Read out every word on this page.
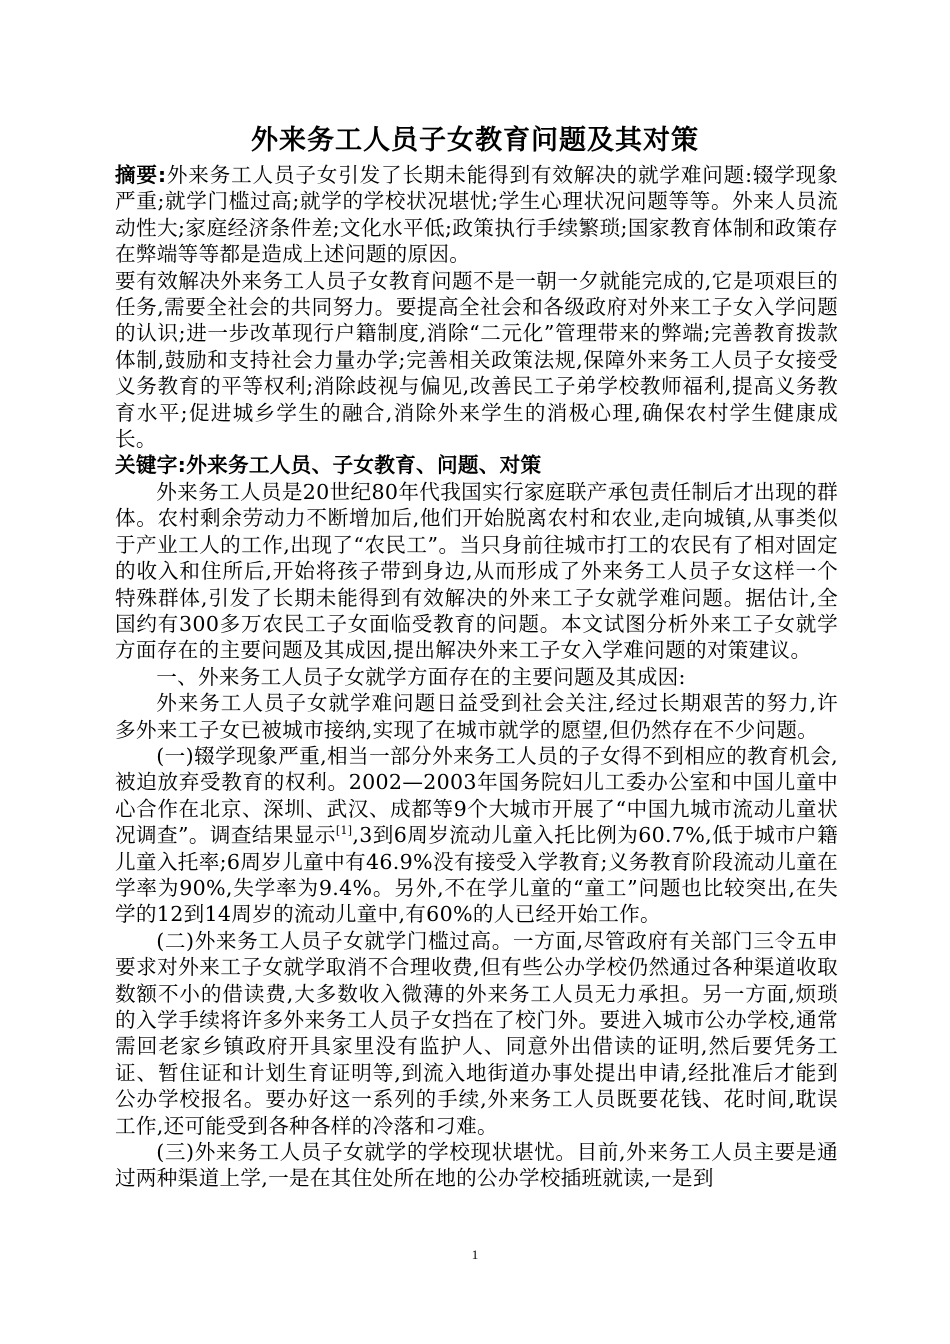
外来务工人员子女教育问题及其对策

摘要:外来务工人员子女引发了长期未能得到有效解决的就学难问题:辍学现象严重;就学门槛过高;就学的学校状况堪忧;学生心理状况问题等等。外来人员流动性大;家庭经济条件差;文化水平低;政策执行手续繁琐;国家教育体制和政策存在弊端等等都是造成上述问题的原因。

要有效解决外来务工人员子女教育问题不是一朝一夕就能完成的,它是项艰巨的任务,需要全社会的共同努力。要提高全社会和各级政府对外来工子女入学问题的认识;进一步改革现行户籍制度,消除“二元化”管理带来的弊端;完善教育拨款体制,鼓励和支持社会力量办学;完善相关政策法规,保障外来务工人员子女接受义务教育的平等权利;消除歧视与偏见,改善民工子弟学校教师福利,提高义务教育水平;促进城乡学生的融合,消除外来学生的消极心理,确保农村学生健康成长。

关键字:外来务工人员、子女教育、问题、对策

外来务工人员是20世纪80年代我国实行家庭联产承包责任制后才出现的群体。农村剩余劳动力不断增加后,他们开始脱离农村和农业,走向城镇,从事类似于产业工人的工作,出现了“农民工”。当只身前往城市打工的农民有了相对固定的收入和住所后,开始将孩子带到身边,从而形成了外来务工人员子女这样一个特殊群体,引发了长期未能得到有效解决的外来工子女就学难问题。据估计,全国约有300多万农民工子女面临受教育的问题。本文试图分析外来工子女就学方面存在的主要问题及其成因,提出解决外来工子女入学难问题的对策建议。

一、外来务工人员子女就学方面存在的主要问题及其成因:

外来务工人员子女就学难问题日益受到社会关注,经过长期艰苦的努力,许多外来工子女已被城市接纳,实现了在城市就学的愿望,但仍然存在不少问题。

(一)辍学现象严重,相当一部分外来务工人员的子女得不到相应的教育机会,被迫放弃受教育的权利。2002—2003年国务院妇儿工委办公室和中国儿童中心合作在北京、深圳、武汉、成都等9个大城市开展了“中国九城市流动儿童状况调查”。调查结果显示[1],3到6周岁流动儿童入托比例为60.7%,低于城市户籍儿童入托率;6周岁儿童中有46.9%没有接受入学教育;义务教育阶段流动儿童在学率为90%,失学率为9.4%。另外,不在学儿童的“童工”问题也比较突出,在失学的12到14周岁的流动儿童中,有60%的人已经开始工作。

(二)外来务工人员子女就学门槛过高。一方面,尽管政府有关部门三令五申要求对外来工子女就学取消不合理收费,但有些公办学校仍然通过各种渠道收取数额不小的借读费,大多数收入微薄的外来务工人员无力承担。另一方面,烦琐的入学手续将许多外来务工人员子女挡在了校门外。要进入城市公办学校,通常需回老家乡镇政府开具家里没有监护人、同意外出借读的证明,然后要凭务工证、暂住证和计划生育证明等,到流入地街道办事处提出申请,经批准后才能到公办学校报名。要办好这一系列的手续,外来务工人员既要花钱、花时间,耽误工作,还可能受到各种各样的冷落和刁难。

(三)外来务工人员子女就学的学校现状堪忧。目前,外来务工人员主要是通过两种渠道上学,一是在其住处所在地的公办学校插班就读,一是到

1
